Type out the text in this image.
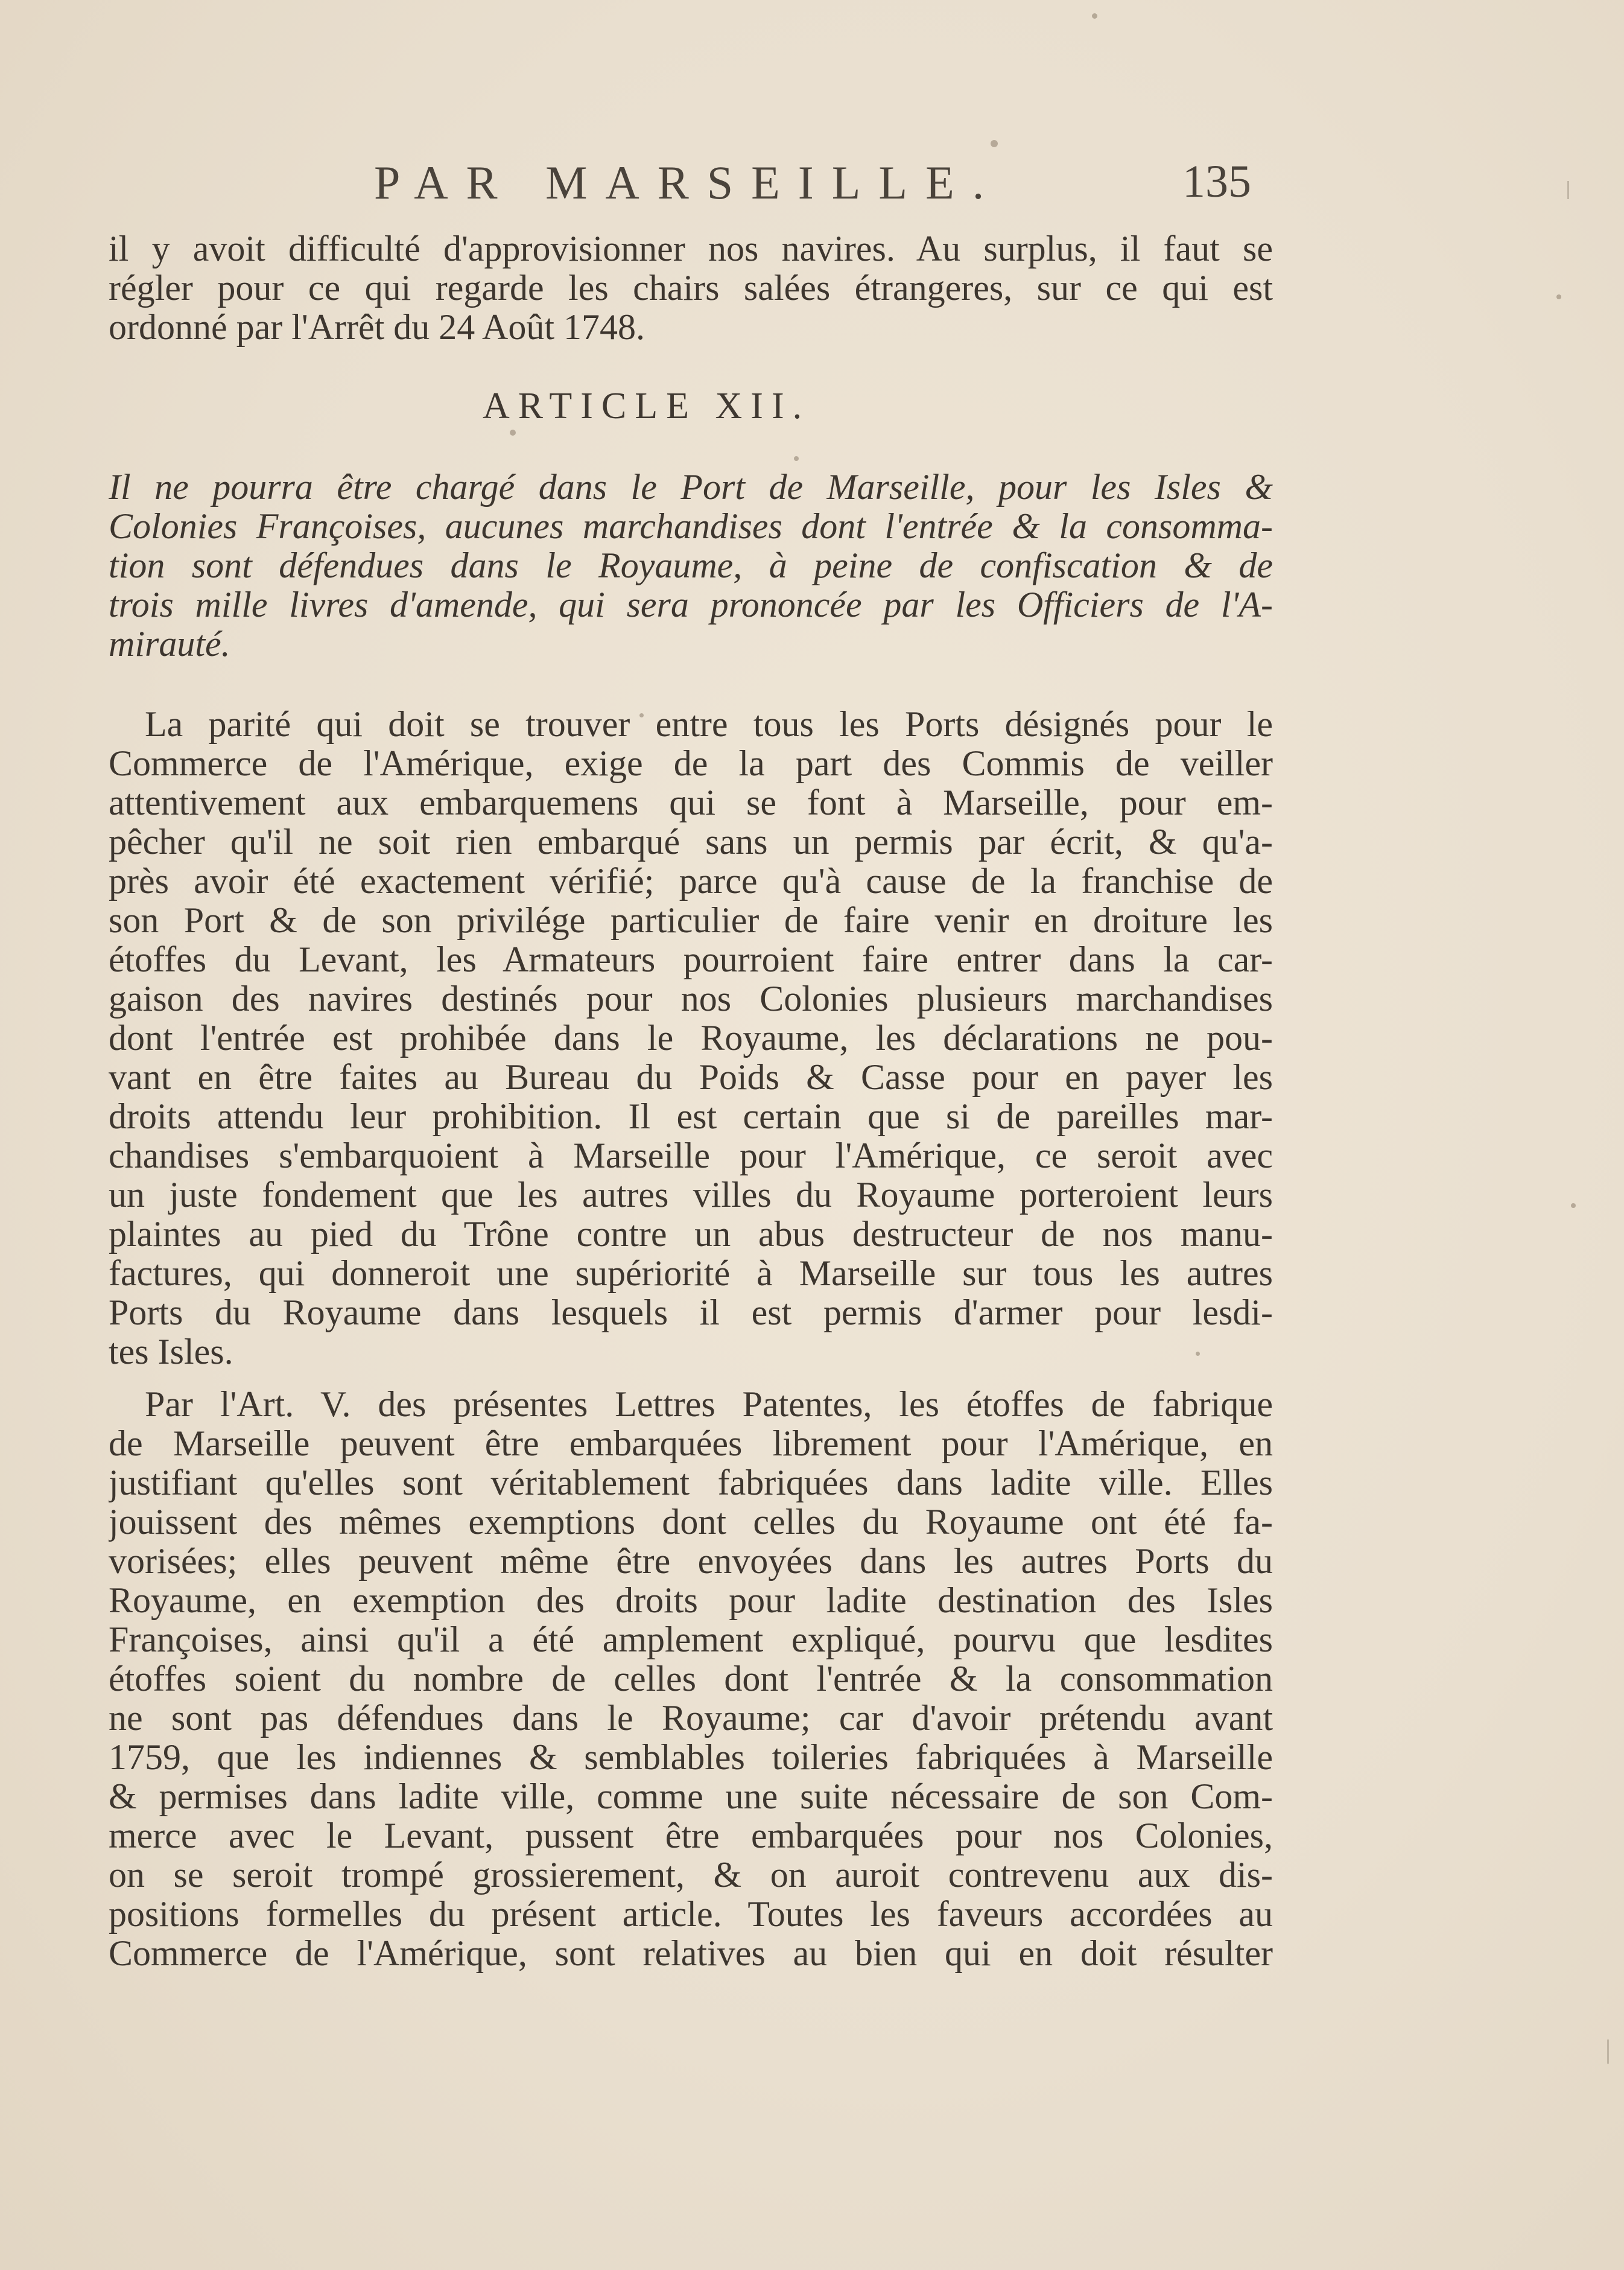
PAR MARSEILLE.	135
il y avoit difficulté d'approvisionner nos navires. Au surplus, il faut se
régler pour ce qui regarde les chairs salées étrangeres, sur ce qui est
ordonné par l'Arrêt du 24 Août 1748.
ARTICLE XII.
Il ne pourra être chargé dans le Port de Marseille, pour les Isles &
Colonies Françoises, aucunes marchandises dont l'entrée & la consomma-
tion sont défendues dans le Royaume, à peine de confiscation & de
trois mille livres d'amende, qui sera prononcée par les Officiers de l'A-
mirauté.
La parité qui doit se trouver entre tous les Ports désignés pour le
Commerce de l'Amérique, exige de la part des Commis de veiller
attentivement aux embarquemens qui se font à Marseille, pour em-
pêcher qu'il ne soit rien embarqué sans un permis par écrit, & qu'a-
près avoir été exactement vérifié; parce qu'à cause de la franchise de
son Port & de son privilége particulier de faire venir en droiture les
étoffes du Levant, les Armateurs pourroient faire entrer dans la car-
gaison des navires destinés pour nos Colonies plusieurs marchandises
dont l'entrée est prohibée dans le Royaume, les déclarations ne pou-
vant en être faites au Bureau du Poids & Casse pour en payer les
droits attendu leur prohibition. Il est certain que si de pareilles mar-
chandises s'embarquoient à Marseille pour l'Amérique, ce seroit avec
un juste fondement que les autres villes du Royaume porteroient leurs
plaintes au pied du Trône contre un abus destructeur de nos manu-
factures, qui donneroit une supériorité à Marseille sur tous les autres
Ports du Royaume dans lesquels il est permis d'armer pour lesdi-
tes Isles.
Par l'Art. V. des présentes Lettres Patentes, les étoffes de fabrique
de Marseille peuvent être embarquées librement pour l'Amérique, en
justifiant qu'elles sont véritablement fabriquées dans ladite ville. Elles
jouissent des mêmes exemptions dont celles du Royaume ont été fa-
vorisées; elles peuvent même être envoyées dans les autres Ports du
Royaume, en exemption des droits pour ladite destination des Isles
Françoises, ainsi qu'il a été amplement expliqué, pourvu que lesdites
étoffes soient du nombre de celles dont l'entrée & la consommation
ne sont pas défendues dans le Royaume; car d'avoir prétendu avant
1759, que les indiennes & semblables toileries fabriquées à Marseille
& permises dans ladite ville, comme une suite nécessaire de son Com-
merce avec le Levant, pussent être embarquées pour nos Colonies,
on se seroit trompé grossierement, & on auroit contrevenu aux dis-
positions formelles du présent article. Toutes les faveurs accordées au
Commerce de l'Amérique, sont relatives au bien qui en doit résulter
